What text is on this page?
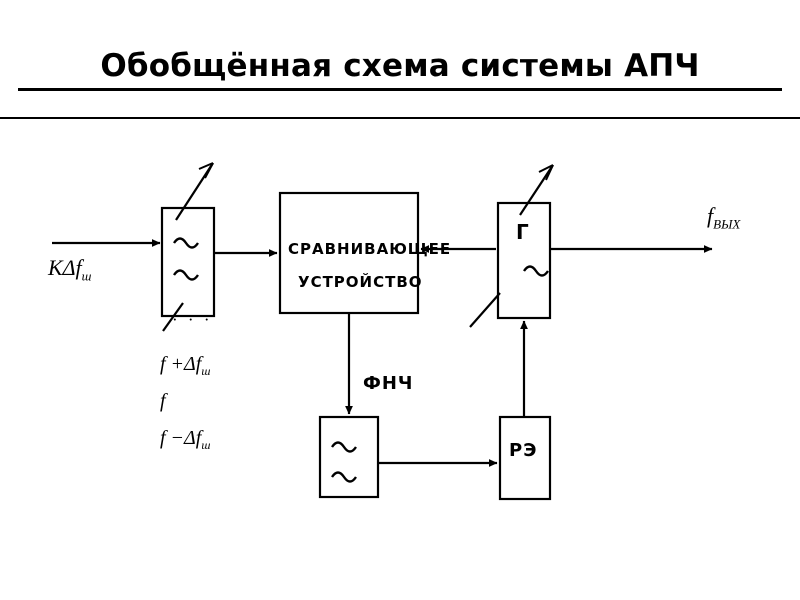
Обобщённая схема системы АПЧ
СРАВНИВАЮЩЕЕ
УСТРОЙСТВО
Г
РЭ
КΔf$_ш$
$f_{ВЫХ}$
ФНЧ
· · ·
$f +\Delta f_ш$
f
$f -\Delta f_ш$
